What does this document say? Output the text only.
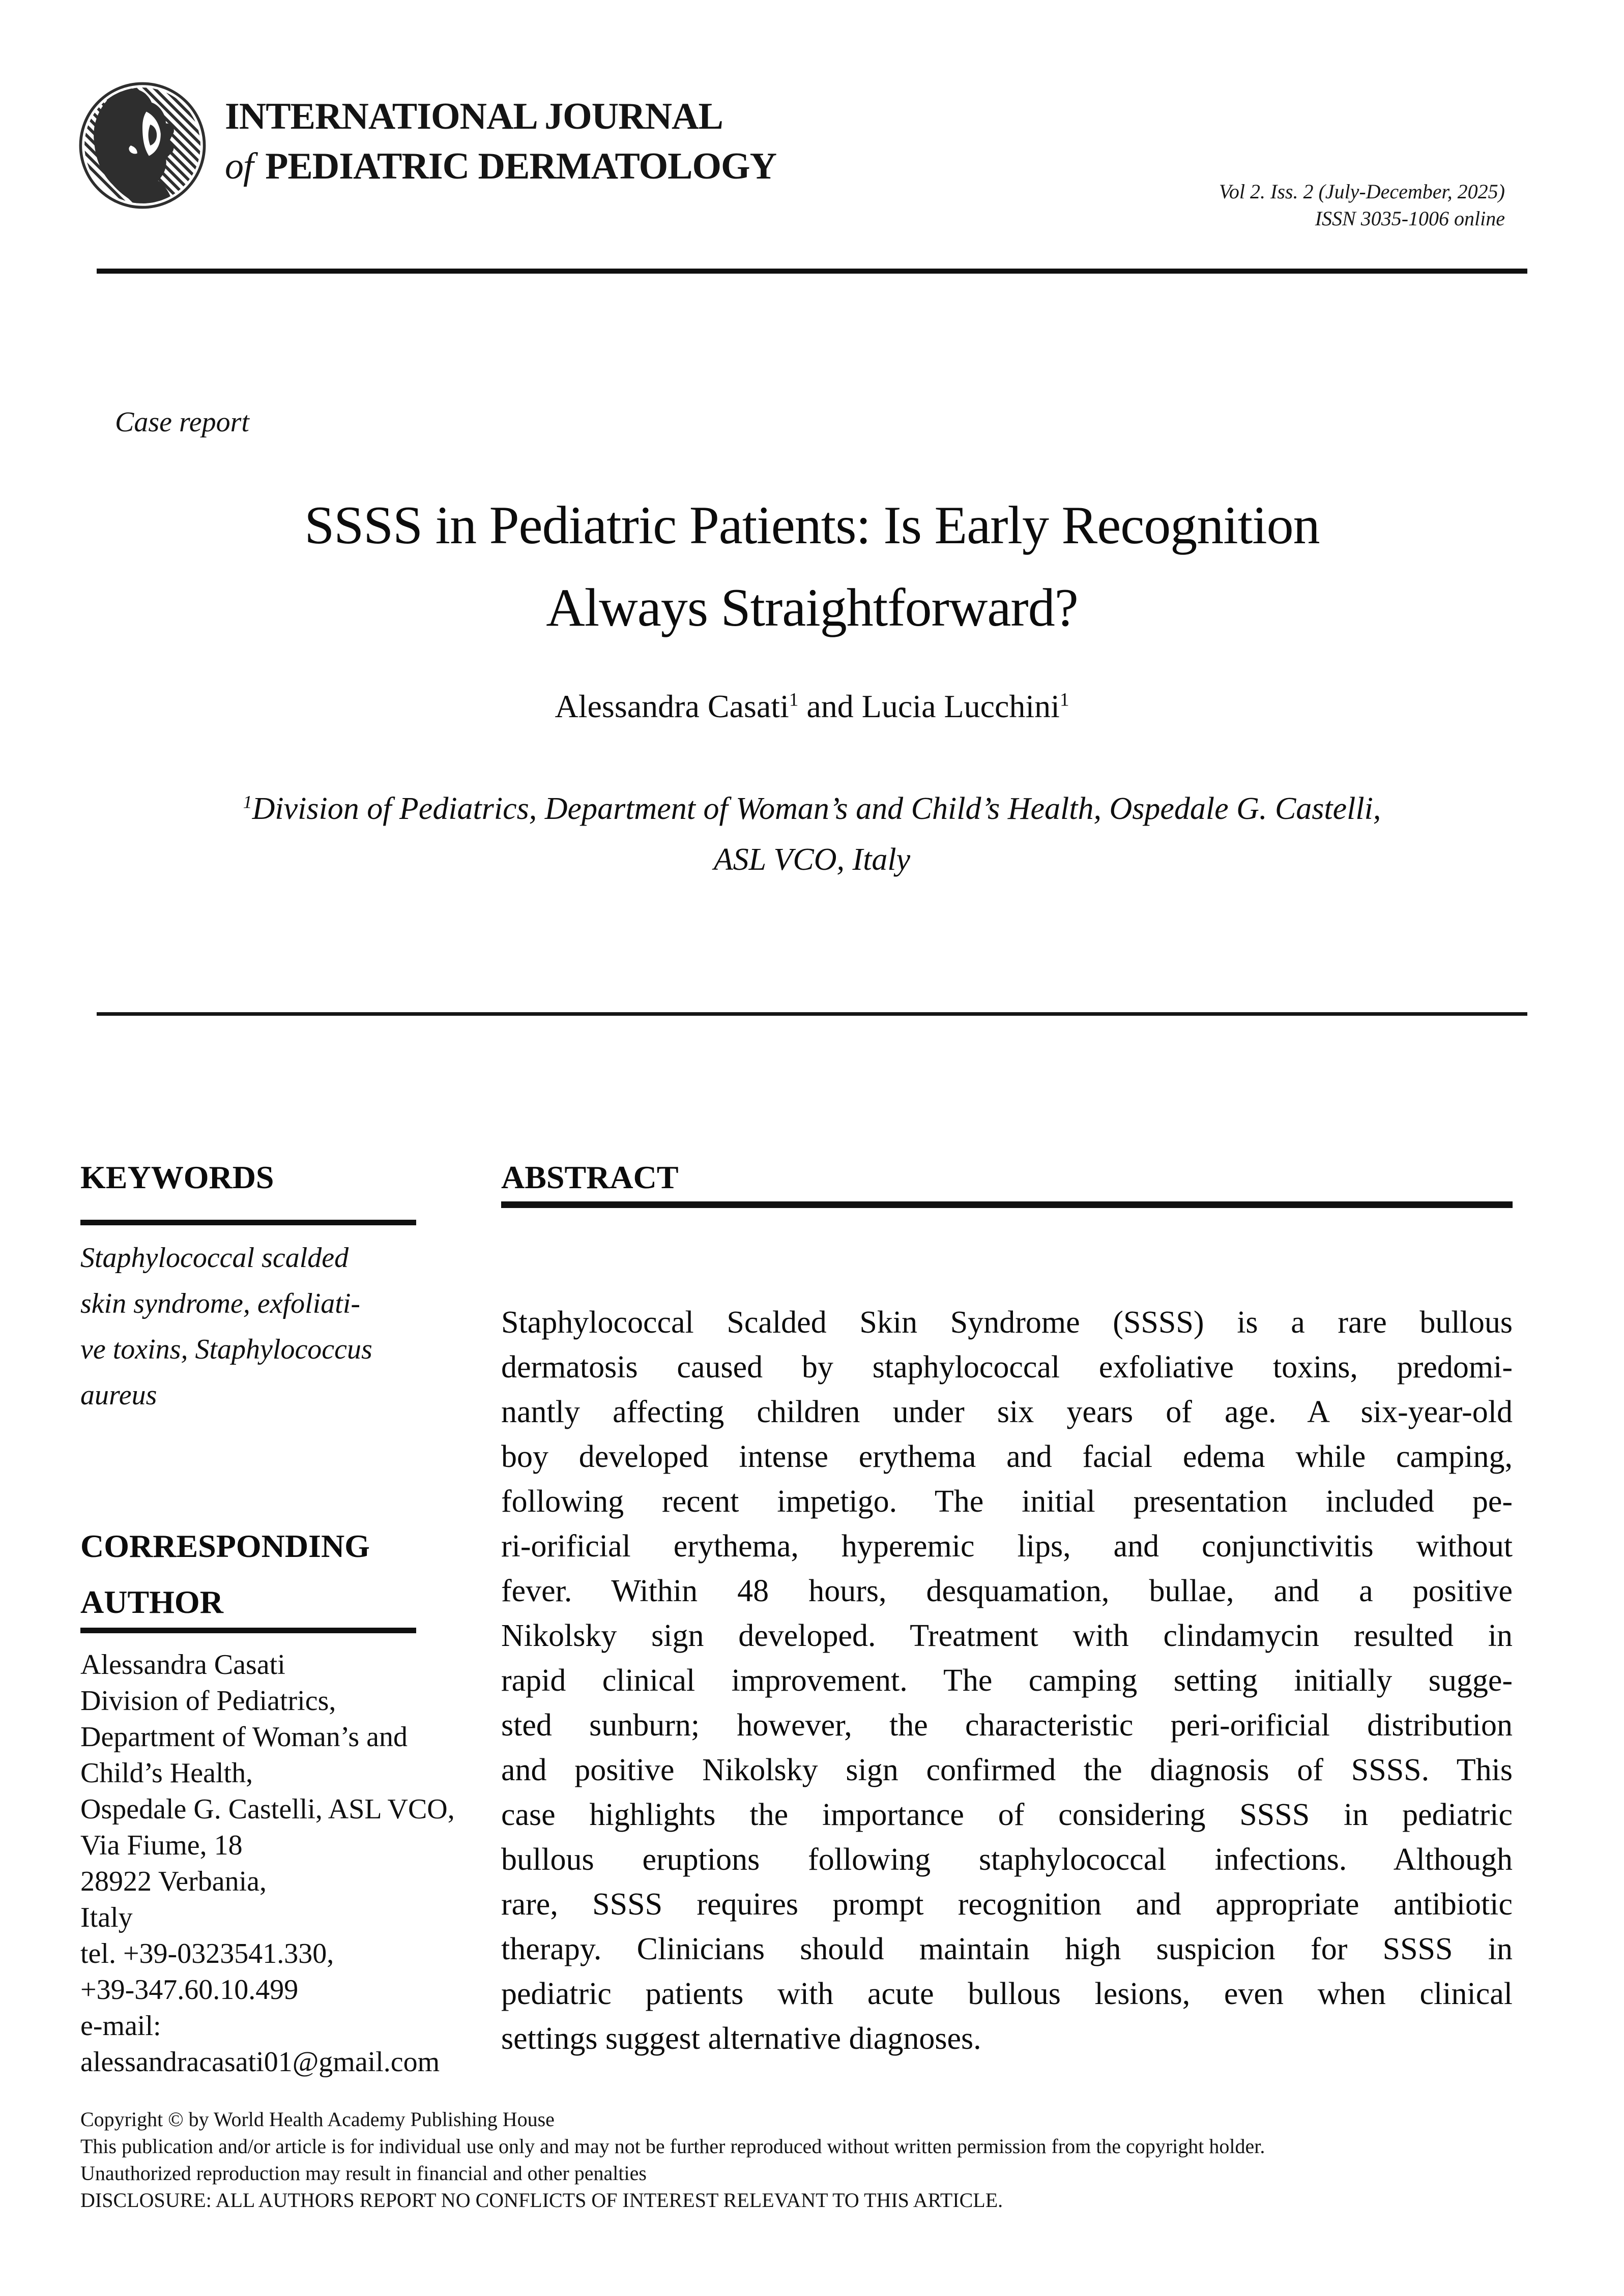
INTERNATIONAL JOURNAL
of PEDIATRIC DERMATOLOGY
Vol 2. Iss. 2 (July-December, 2025)
ISSN 3035-1006 online
Case report
SSSS in Pediatric Patients: Is Early Recognition
Always Straightforward?
Alessandra Casati$^1$ and Lucia Lucchini$^1$
$^1$Division of Pediatrics, Department of Woman’s and Child’s Health, Ospedale G. Castelli,
ASL VCO, Italy
KEYWORDS
Staphylococcal scalded
skin syndrome, exfoliati-
ve toxins, Staphylococcus
aureus
CORRESPONDING
AUTHOR
Alessandra Casati
Division of Pediatrics,
Department of Woman’s and
Child’s Health,
Ospedale G. Castelli, ASL VCO,
Via Fiume, 18
28922 Verbania,
Italy
tel. +39-0323541.330,
+39-347.60.10.499
e-mail:
alessandracasati01@gmail.com
ABSTRACT
Staphylococcal Scalded Skin Syndrome (SSSS) is a rare bullous
dermatosis caused by staphylococcal exfoliative toxins, predomi-
nantly affecting children under six years of age. A six-year-old
boy developed intense erythema and facial edema while camping,
following recent impetigo. The initial presentation included pe-
ri-orificial erythema, hyperemic lips, and conjunctivitis without
fever. Within 48 hours, desquamation, bullae, and a positive
Nikolsky sign developed. Treatment with clindamycin resulted in
rapid clinical improvement. The camping setting initially sugge-
sted sunburn; however, the characteristic peri-orificial distribution
and positive Nikolsky sign confirmed the diagnosis of SSSS. This
case highlights the importance of considering SSSS in pediatric
bullous eruptions following staphylococcal infections. Although
rare, SSSS requires prompt recognition and appropriate antibiotic
therapy. Clinicians should maintain high suspicion for SSSS in
pediatric patients with acute bullous lesions, even when clinical
settings suggest alternative diagnoses.
Copyright © by World Health Academy Publishing House
This publication and/or article is for individual use only and may not be further reproduced without written permission from the copyright holder.
Unauthorized reproduction may result in financial and other penalties
DISCLOSURE: ALL AUTHORS REPORT NO CONFLICTS OF INTEREST RELEVANT TO THIS ARTICLE.
